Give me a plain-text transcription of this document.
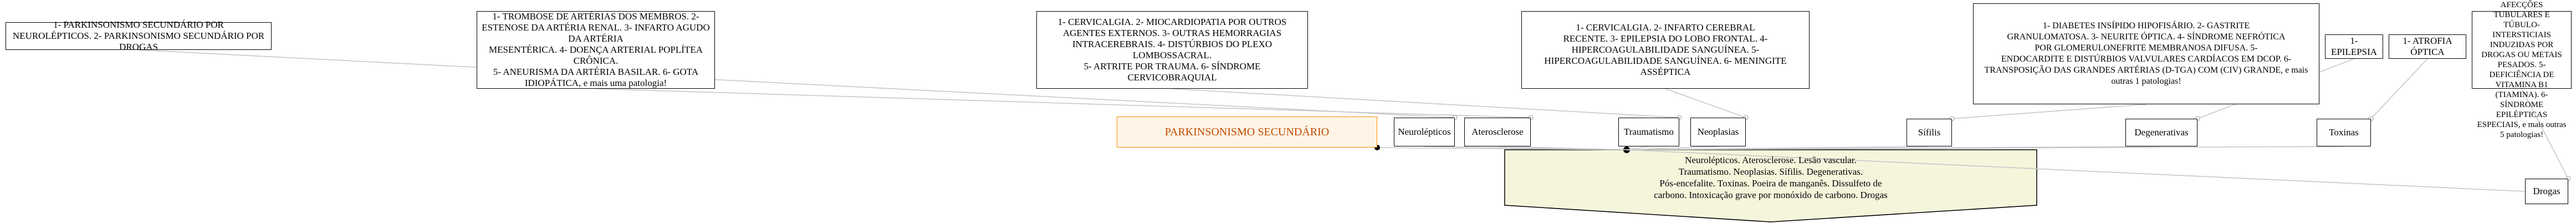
1- PARKINSONISMO SECUNDÁRIO POR
NEUROLÉPTICOS. 2- PARKINSONISMO SECUNDÁRIO POR DROGAS
1- TROMBOSE DE ARTÉRIAS DOS MEMBROS. 2-
ESTENOSE DA ARTÉRIA RENAL. 3- INFARTO AGUDO DA ARTÉRIA
MESENTÉRICA. 4- DOENÇA ARTERIAL POPLÍTEA CRÔNICA.
5- ANEURISMA DA ARTÉRIA BASILAR. 6- GOTA IDIOPÁTICA, e mais uma patologia!
1- CERVICALGIA. 2- MIOCARDIOPATIA POR OUTROS
AGENTES EXTERNOS. 3- OUTRAS HEMORRAGIAS
INTRACEREBRAIS. 4- DISTÚRBIOS DO PLEXO LOMBOSSACRAL.
5- ARTRITE POR TRAUMA. 6- SÍNDROME CERVICOBRAQUIAL
1- CERVICALGIA. 2- INFARTO CEREBRAL
RECENTE. 3- EPILEPSIA DO LOBO FRONTAL. 4-
HIPERCOAGULABILIDADE SANGUÍNEA. 5-
HIPERCOAGULABILIDADE SANGUÍNEA. 6- MENINGITE ASSÉPTICA
1- DIABETES INSÍPIDO HIPOFISÁRIO. 2- GASTRITE
GRANULOMATOSA. 3- NEURITE ÓPTICA. 4- SÍNDROME NEFRÓTICA
POR GLOMERULONEFRITE MEMBRANOSA DIFUSA. 5-
ENDOCARDITE E DISTÚRBIOS VALVULARES CARDÍACOS EM DCOP. 6-
TRANSPOSIÇÃO DAS GRANDES ARTÉRIAS (D-TGA) COM (CIV) GRANDE, e mais outras 1 patologias!
1- EPILEPSIA
1- ATROFIA ÓPTICA

AFECÇÕES TUBULARES E TÚBULO-INTERSTICIAIS
INDUZIDAS POR DROGAS OU METAIS PESADOS. 5- DEFICIÊNCIA DE
VITAMINA B1 (TIAMINA). 6- SÍNDROME EPILÉPTICAS ESPECIAIS, e mais outras 5 patologias!
PARKINSONISMO SECUNDÁRIO	Neurolépticos	Aterosclerose	Traumatismo	Neoplasias	Sífilis	Degenerativas	Toxinas
Drogas
Neurolépticos. Aterosclerose. Lesão vascular.
Traumatismo. Neoplasias. Sífilis. Degenerativas.
Pós-encefalite. Toxinas. Poeira de manganês. Dissulfeto de
carbono. Intoxicação grave por monóxido de carbono. Drogas
